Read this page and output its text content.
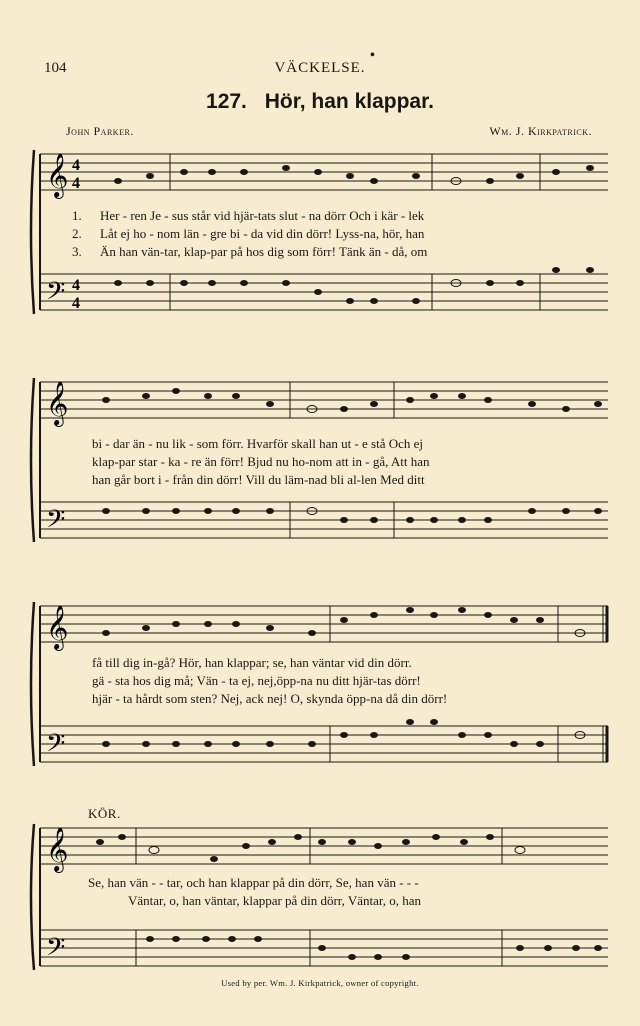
104	VÄCKELSE.
•
127. Hör, han klappar.
John Parker.	Wm. J. Kirkpatrick.
𝄞
𝄢
4
4
4
4
1.
2.
3.
Her - ren Je - sus står vid hjär-tats slut - na dörr Och i kär - lek
Låt ej ho - nom län - gre bi - da vid din dörr! Lyss-na, hör, han
Än han vän-tar, klap-par på hos dig som förr! Tänk än - då, om
𝄞
𝄢
bi - dar än - nu lik - som förr. Hvarför skall han ut - e stå Och ej
klap-par star - ka - re än förr! Bjud nu ho-nom att in - gå, Att han
han går bort i - från din dörr! Vill du läm-nad bli al-len Med ditt
𝄞
𝄢
få till dig in-gå? Hör, han klappar; se, han väntar vid din dörr.
gä - sta hos dig må; Vän - ta ej, nej,öpp-na nu ditt hjär-tas dörr!
hjär - ta hårdt som sten? Nej, ack nej! O, skynda öpp-na då din dörr!
KÖR.
𝄞
𝄢
Se, han vän - - tar, och han klappar på din dörr, Se, han vän - - -
Väntar, o, han väntar, klappar på din dörr, Väntar, o, han
Used by per. Wm. J. Kirkpatrick, owner of copyright.
